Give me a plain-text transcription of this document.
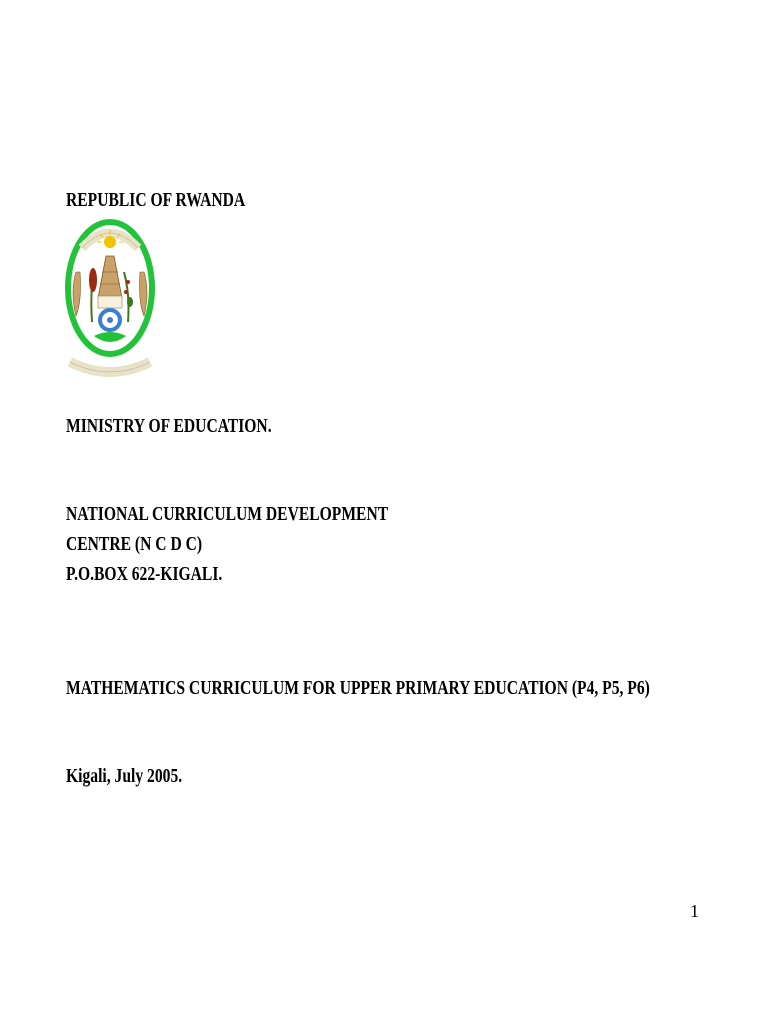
REPUBLIC OF RWANDA

MINISTRY OF EDUCATION.

NATIONAL CURRICULUM DEVELOPMENT

CENTRE (N C D C)

P.O.BOX 622-KIGALI.

MATHEMATICS CURRICULUM FOR UPPER PRIMARY EDUCATION (P4, P5, P6)

Kigali, July 2005.

1
